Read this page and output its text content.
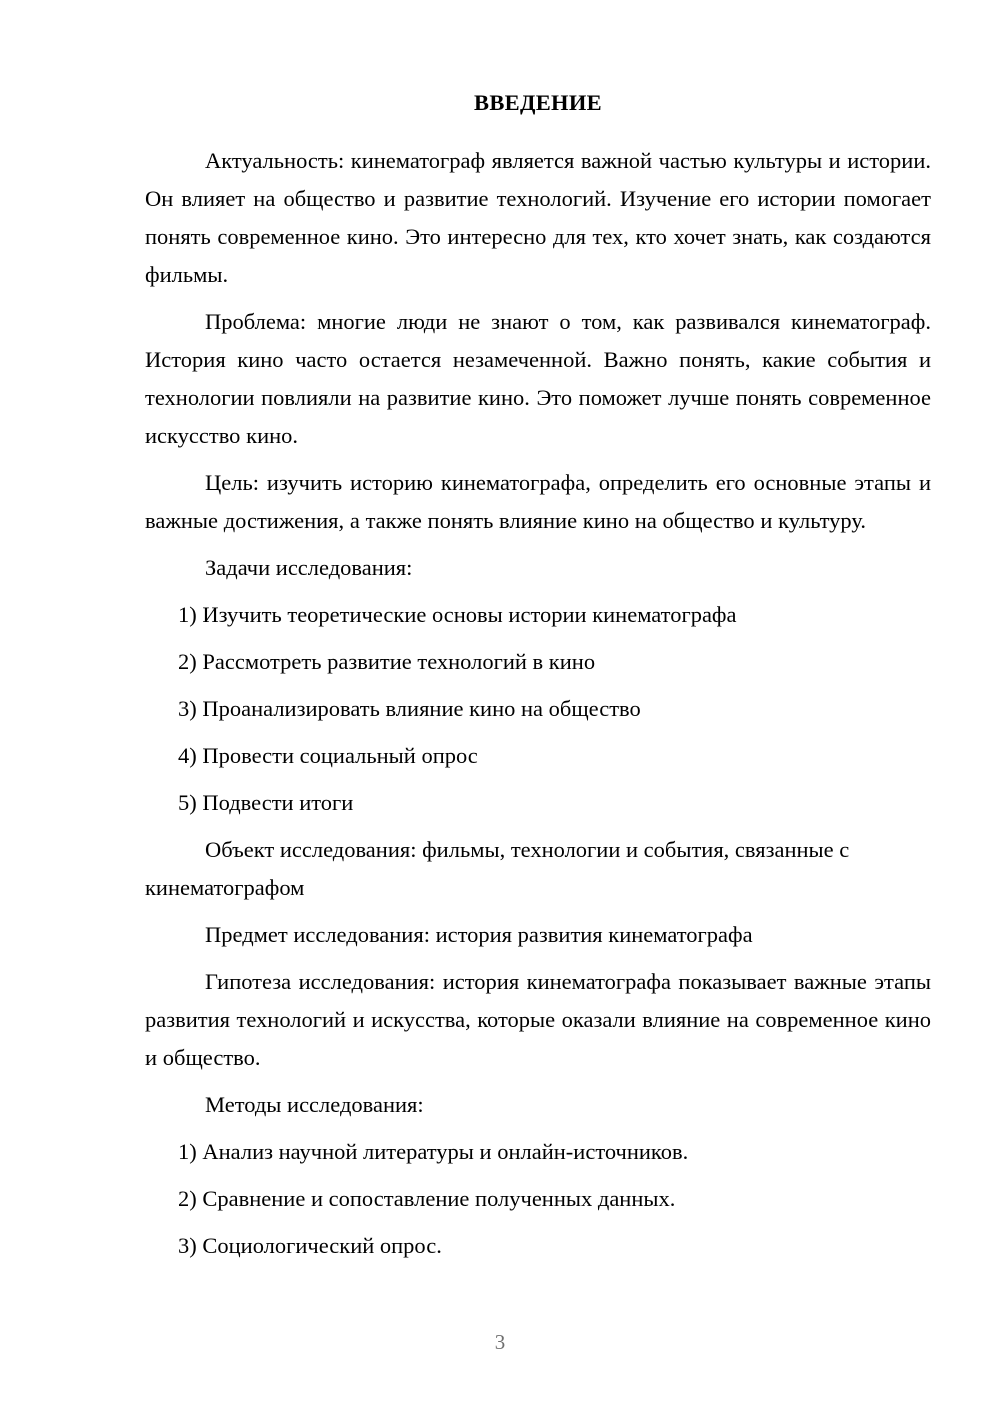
ВВЕДЕНИЕ

Актуальность: кинематограф является важной частью культуры и истории. Он влияет на общество и развитие технологий. Изучение его истории помогает понять современное кино. Это интересно для тех, кто хочет знать, как создаются фильмы.

Проблема: многие люди не знают о том, как развивался кинематограф. История кино часто остается незамеченной. Важно понять, какие события и технологии повлияли на развитие кино. Это поможет лучше понять современное искусство кино.

Цель: изучить историю кинематографа, определить его основные этапы и важные достижения, а также понять влияние кино на общество и культуру.

Задачи исследования:

1) Изучить теоретические основы истории кинематографа

2) Рассмотреть развитие технологий в кино

3) Проанализировать влияние кино на общество

4) Провести социальный опрос

5) Подвести итоги

Объект исследования: фильмы, технологии и события, связанные с кинематографом

Предмет исследования: история развития кинематографа

Гипотеза исследования: история кинематографа показывает важные этапы развития технологий и искусства, которые оказали влияние на современное кино и общество.

Методы исследования:

1) Анализ научной литературы и онлайн-источников.

2) Сравнение и сопоставление полученных данных.

3) Социологический опрос.

3
